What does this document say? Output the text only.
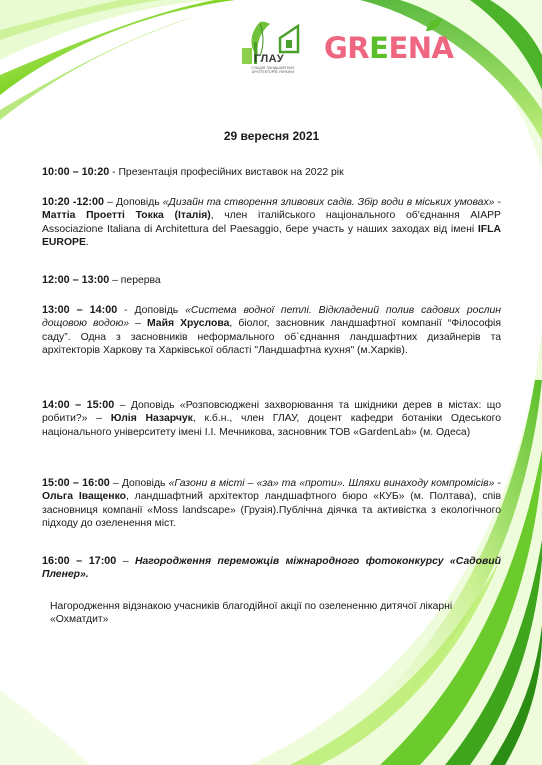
ГЛАУ
ГІЛЬДІЯ ЛАНДШАФТНИХ АРХІТЕКТОРІВ УКРАЇНИ
GREENA
29 вересня 2021
10:00 – 10:20 - Презентація професійних виставок на 2022 рік
10:20 -12:00 – Доповідь «Дизайн та створення зливових садів. Збір води в міських умовах» - Маттіа Проетті Токка (Італія), член італійського національного об'єднання AIAPP Associazione Italiana di Architettura del Paesaggio, бере участь у наших заходах від імені IFLA EUROPE.
12:00 – 13:00 – перерва
13:00 – 14:00 - Доповідь «Система водної петлі. Відкладений полив садових рослин дощовою водою» – Майя Хруслова, біолог, засновник ландшафтної компанії “Філософія саду”. Одна з засновників неформального об`єднання ландшафтних дизайнерів та архітекторів Харкову та Харківської області "Ландшафтна кухня" (м.Харків).
14:00 – 15:00 – Доповідь «Розповсюджені захворювання та шкідники дерев в містах: що робити?» – Юлія Назарчук, к.б.н., член ГЛАУ, доцент кафедри ботаніки Одеського національного університету імені І.І. Мечникова, засновник ТОВ «GardenLab» (м. Одеса)
15:00 – 16:00 – Доповідь «Газони в місті – «за» та «проти». Шляхи винаходу компромісів» - Ольга Іващенко, ландшафтний архітектор ландшафтного бюро «КУБ» (м. Полтава), спів засновниця компанії «Moss landscape» (Грузія).Публічна діячка та активістка з екологічного підходу до озеленення міст.
16:00 – 17:00 – Нагородження переможців міжнародного фотоконкурсу «Садовий Пленер».
Нагородження відзнакою учасників благодійної акції по озелененню дитячої лікарні «Охматдит»
